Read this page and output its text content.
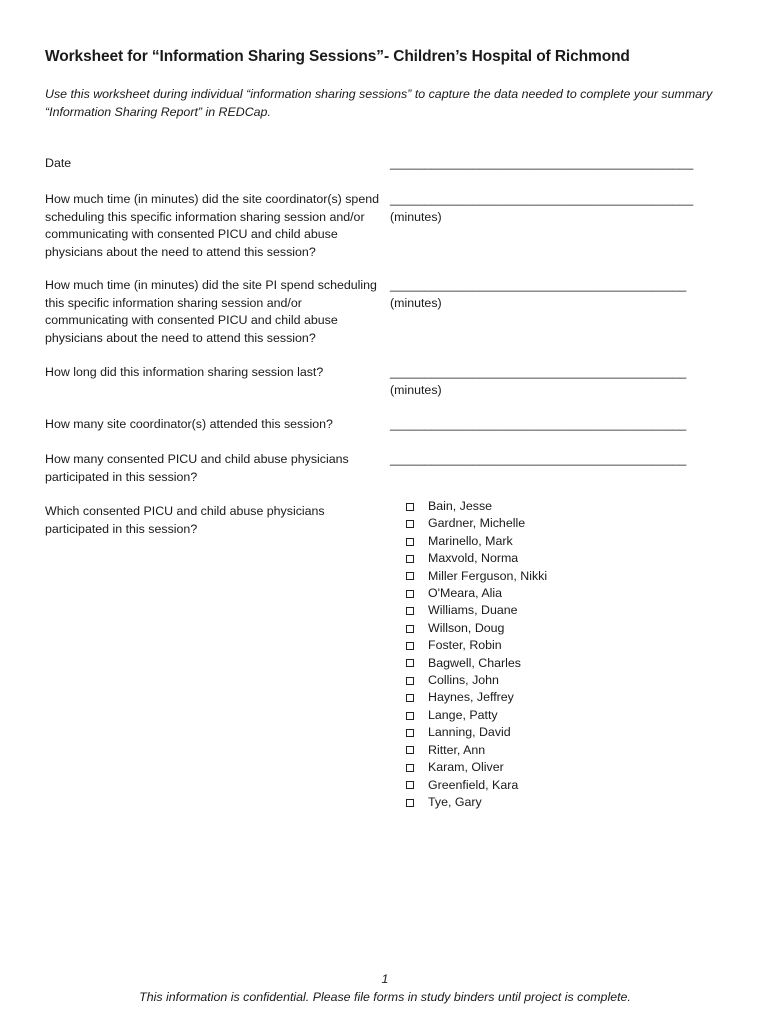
Worksheet for “Information Sharing Sessions”- Children’s Hospital of Richmond
Use this worksheet during individual “information sharing sessions” to capture the data needed to complete your summary “Information Sharing Report” in REDCap.
Date	____________________________________________
How much time (in minutes) did the site coordinator(s) spend scheduling this specific information sharing session and/or communicating with consented PICU and child abuse physicians about the need to attend this session?
____________________________________________
(minutes)
How much time (in minutes) did the site PI spend scheduling this specific information sharing session and/or communicating with consented PICU and child abuse physicians about the need to attend this session?
___________________________________________
(minutes)
How long did this information sharing session last?	___________________________________________
(minutes)
How many site coordinator(s) attended this session?	___________________________________________
How many consented PICU and child abuse physicians participated in this session?
___________________________________________
Which consented PICU and child abuse physicians participated in this session?
Bain, Jesse
Gardner, Michelle
Marinello, Mark
Maxvold, Norma
Miller Ferguson, Nikki
O'Meara, Alia
Williams, Duane
Willson, Doug
Foster, Robin
Bagwell, Charles
Collins, John
Haynes, Jeffrey
Lange, Patty
Lanning, David
Ritter, Ann
Karam, Oliver
Greenfield, Kara
Tye, Gary
1
This information is confidential. Please file forms in study binders until project is complete.
